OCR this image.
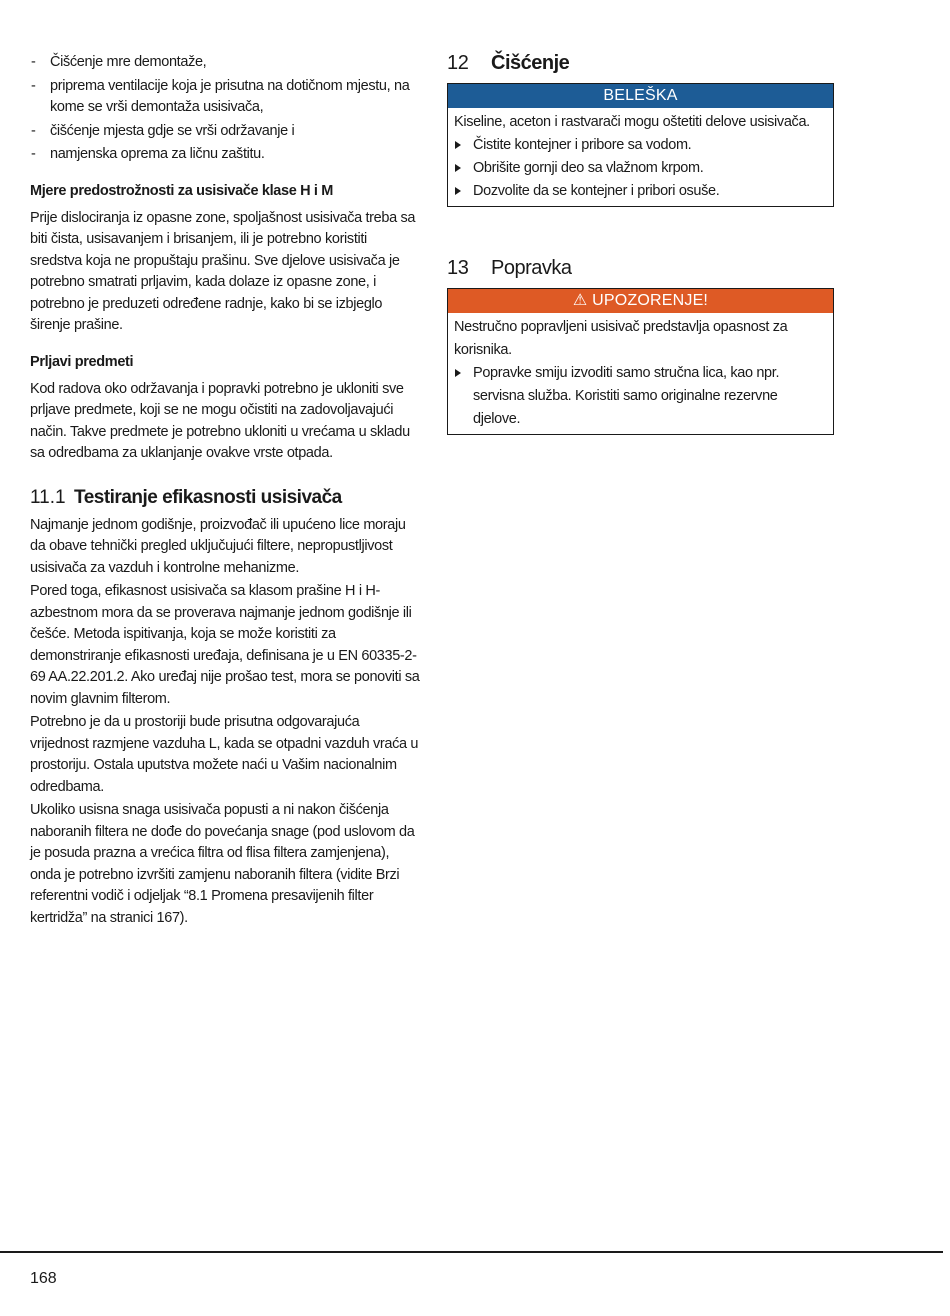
- Čišćenje mre demontaže,
- priprema ventilacije koja je prisutna na dotičnom mjestu, na kome se vrši demontaža usisivača,
- čišćenje mjesta gdje se vrši održavanje i
- namjenska oprema za ličnu zaštitu.
Mjere predostrožnosti za usisivače klase H i M

Prije dislociranja iz opasne zone, spoljašnost usisivača treba sa biti čista, usisavanjem i brisanjem, ili je potrebno koristiti sredstva koja ne propuštaju prašinu. Sve djelove usisivača je potrebno smatrati prljavim, kada dolaze iz opasne zone, i potrebno je preduzeti određene radnje, kako bi se izbjeglo širenje prašine.

Prljavi predmeti

Kod radova oko održavanja i popravki potrebno je ukloniti sve prljave predmete, koji se ne mogu očistiti na zadovoljavajući način. Takve predmete je potrebno ukloniti u vrećama u skladu sa odredbama za uklanjanje ovakve vrste otpada.

11.1 Testiranje efikasnosti usisivača

Najmanje jednom godišnje, proizvođač ili upućeno lice moraju da obave tehnički pregled uključujući filtere, nepropustljivost usisivača za vazduh i kontrolne mehanizme.

Pored toga, efikasnost usisivača sa klasom prašine H i H-azbestnom mora da se proverava najmanje jednom godišnje ili češće. Metoda ispitivanja, koja se može koristiti za demonstriranje efikasnosti uređaja, definisana je u EN 60335-2-69 AA.22.201.2. Ako uređaj nije prošao test, mora se ponoviti sa novim glavnim filterom.

Potrebno je da u prostoriji bude prisutna odgovarajuća vrijednost razmjene vazduha L, kada se otpadni vazduh vraća u prostoriju. Ostala uputstva možete naći u Vašim nacionalnim odredbama.

Ukoliko usisna snaga usisivača popusti a ni nakon čišćenja naboranih filtera ne dođe do povećanja snage (pod uslovom da je posuda prazna a vrećica filtra od flisa filtera zamjenjena), onda je potrebno izvršiti zamjenu naboranih filtera (vidite Brzi referentni vodič i odjeljak “8.1 Promena presavijenih filter kertridža” na stranici 167).

12	Čišćenje
BELEŠKA

Kiseline, aceton i rastvarači mogu oštetiti delove usisivača.

Čistite kontejner i pribore sa vodom.
Obrišite gornji deo sa vlažnom krpom.
Dozvolite da se kontejner i pribori osuše.
13	Popravka
⚠ UPOZORENJE!

Nestručno popravljeni usisivač predstavlja opasnost za korisnika.

Popravke smiju izvoditi samo stručna lica, kao npr. servisna služba. Koristiti samo originalne rezervne djelove.
168
